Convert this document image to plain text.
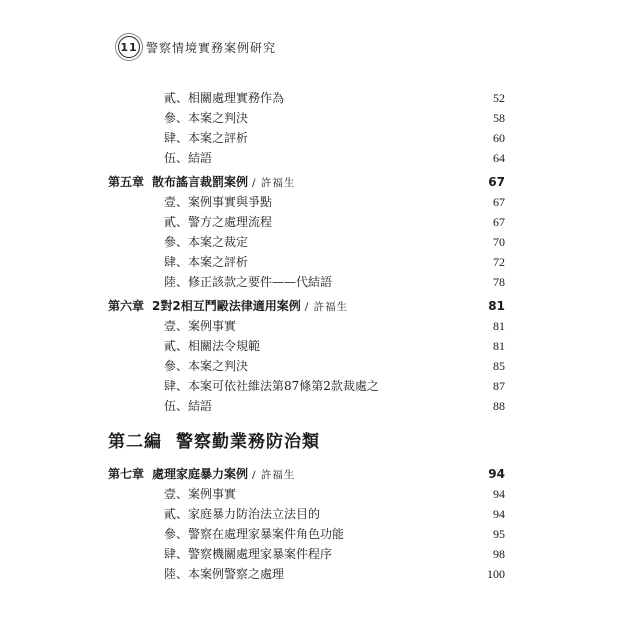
11 警察情境實務案例研究
貳、相關處理實務作為	52
參、本案之判決	58
肆、本案之評析	60
伍、結語	64
第五章 散布謠言裁罰案例 / 許福生	67
壹、案例事實與爭點	67
貳、警方之處理流程	67
參、本案之裁定	70
肆、本案之評析	72
陸、修正該款之要件——代結語	78
第六章 2對2相互鬥毆法律適用案例 / 許福生	81
壹、案例事實	81
貳、相關法令規範	81
參、本案之判決	85
肆、本案可依社維法第87條第2款裁處之	87
伍、結語	88
第二編 警察勤業務防治類
第七章 處理家庭暴力案例 / 許福生	94
壹、案例事實	94
貳、家庭暴力防治法立法目的	94
參、警察在處理家暴案件角色功能	95
肆、警察機關處理家暴案件程序	98
陸、本案例警察之處理	100
